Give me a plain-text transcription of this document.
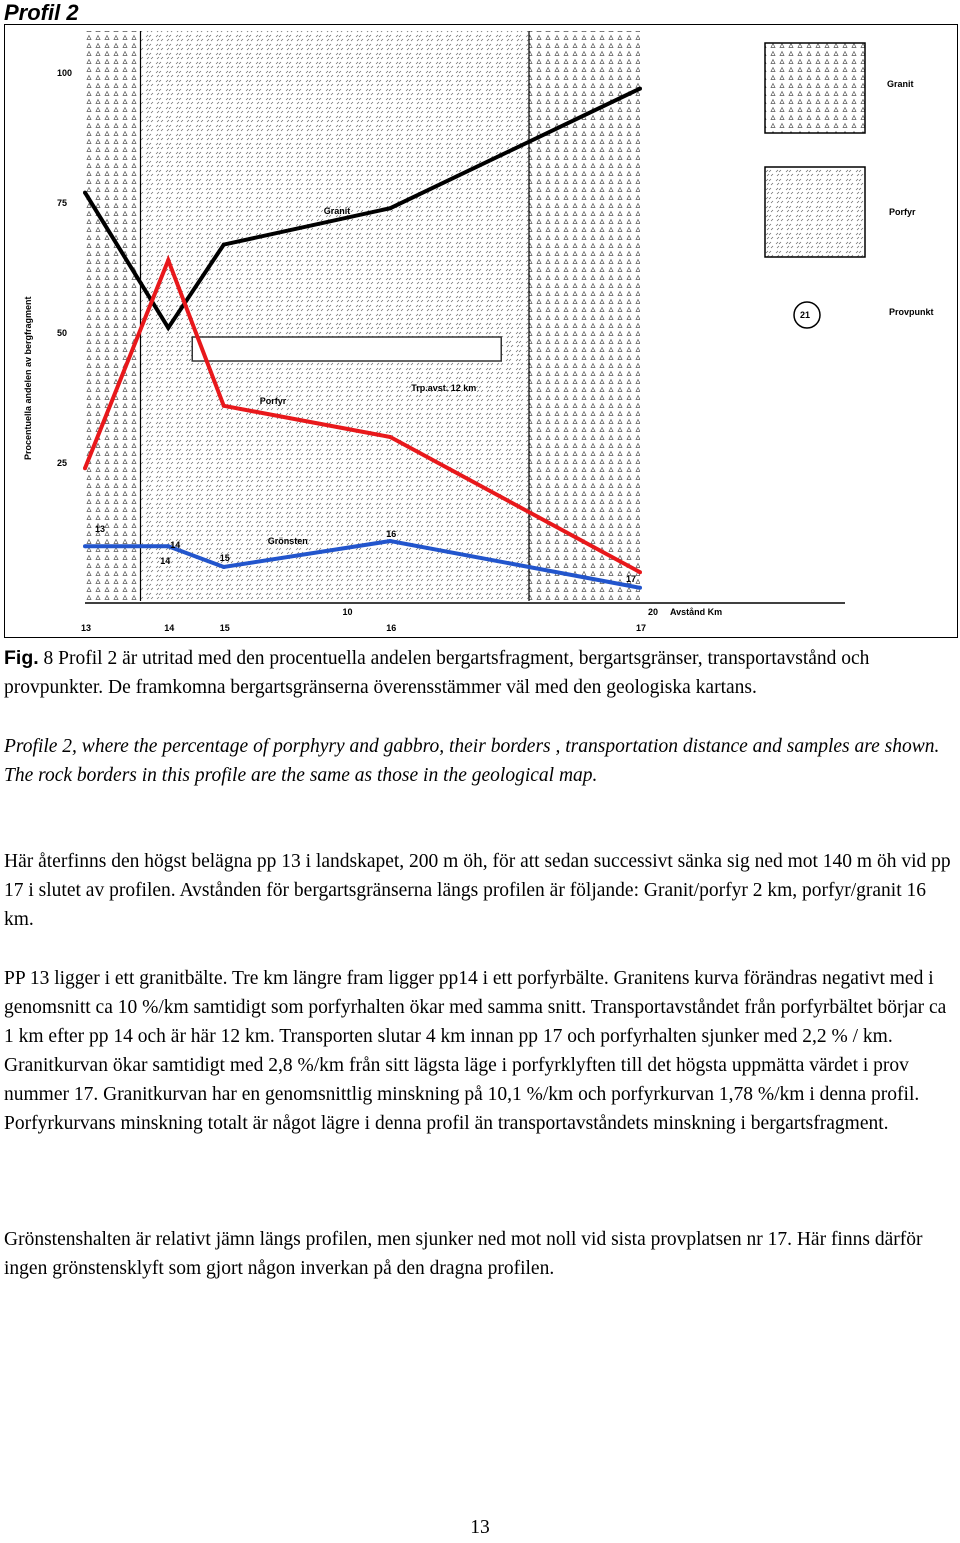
Profil 2
Trp.avst. 12 km
100
75
50
25
Procentuella andelen av bergfragment
13	14	15	16	17
10	20 Avstånd Km
Granit
Porfyr
Grönsten
14
17
13
14	15
16
Granit
Porfyr
21	Provpunkt
Fig. 8 Profil 2 är utritad med den procentuella andelen bergartsfragment, bergartsgränser, transportavstånd och provpunkter. De framkomna bergartsgränserna överensstämmer väl med den geologiska kartans.
Profile 2, where the percentage of porphyry and gabbro, their borders , transportation distance and samples are shown. The rock borders in this profile are the same as those in the geological map.

Här återfinns den högst belägna pp 13 i landskapet, 200 m öh, för att sedan successivt sänka sig ned mot 140 m öh vid pp 17 i slutet av profilen. Avstånden för bergartsgränserna längs profilen är följande: Granit/porfyr 2 km, porfyr/granit 16 km.

PP 13 ligger i ett granitbälte. Tre km längre fram ligger pp14 i ett porfyrbälte. Granitens kurva förändras negativt med i genomsnitt ca 10 %/km samtidigt som porfyrhalten ökar med samma snitt. Transportavståndet från porfyrbältet börjar ca 1 km efter pp 14 och är här 12 km. Transporten slutar 4 km innan pp 17 och porfyrhalten sjunker med 2,2 % / km. Granitkurvan ökar samtidigt med 2,8 %/km från sitt lägsta läge i porfyrklyften till det högsta uppmätta värdet i prov nummer 17. Granitkurvan har en genomsnittlig minskning på 10,1 %/km och porfyrkurvan 1,78 %/km i denna profil. Porfyrkurvans minskning totalt är något lägre i denna profil än transportavståndets minskning i bergartsfragment.

Grönstenshalten är relativt jämn längs profilen, men sjunker ned mot noll vid sista provplatsen nr 17. Här finns därför ingen grönstensklyft som gjort någon inverkan på den dragna profilen.

13
